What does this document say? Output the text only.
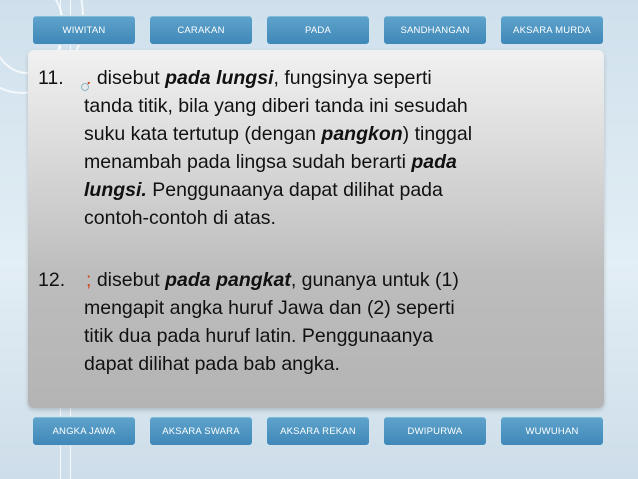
WIWITAN	CARAKAN	PADA	SANDHANGAN	AKSARA MURDA
11. . disebut pada lungsi, fungsinya seperti
tanda titik, bila yang diberi tanda ini sesudah
suku kata tertutup (dengan pangkon) tinggal
menambah pada lingsa sudah berarti pada
lungsi. Penggunaanya dapat dilihat pada
contoh-contoh di atas.
12. ; disebut pada pangkat, gunanya untuk (1)
mengapit angka huruf Jawa dan (2) seperti
titik dua pada huruf latin. Penggunaanya
dapat dilihat pada bab angka.
ANGKA JAWA	AKSARA SWARA	AKSARA REKAN	DWIPURWA	WUWUHAN
